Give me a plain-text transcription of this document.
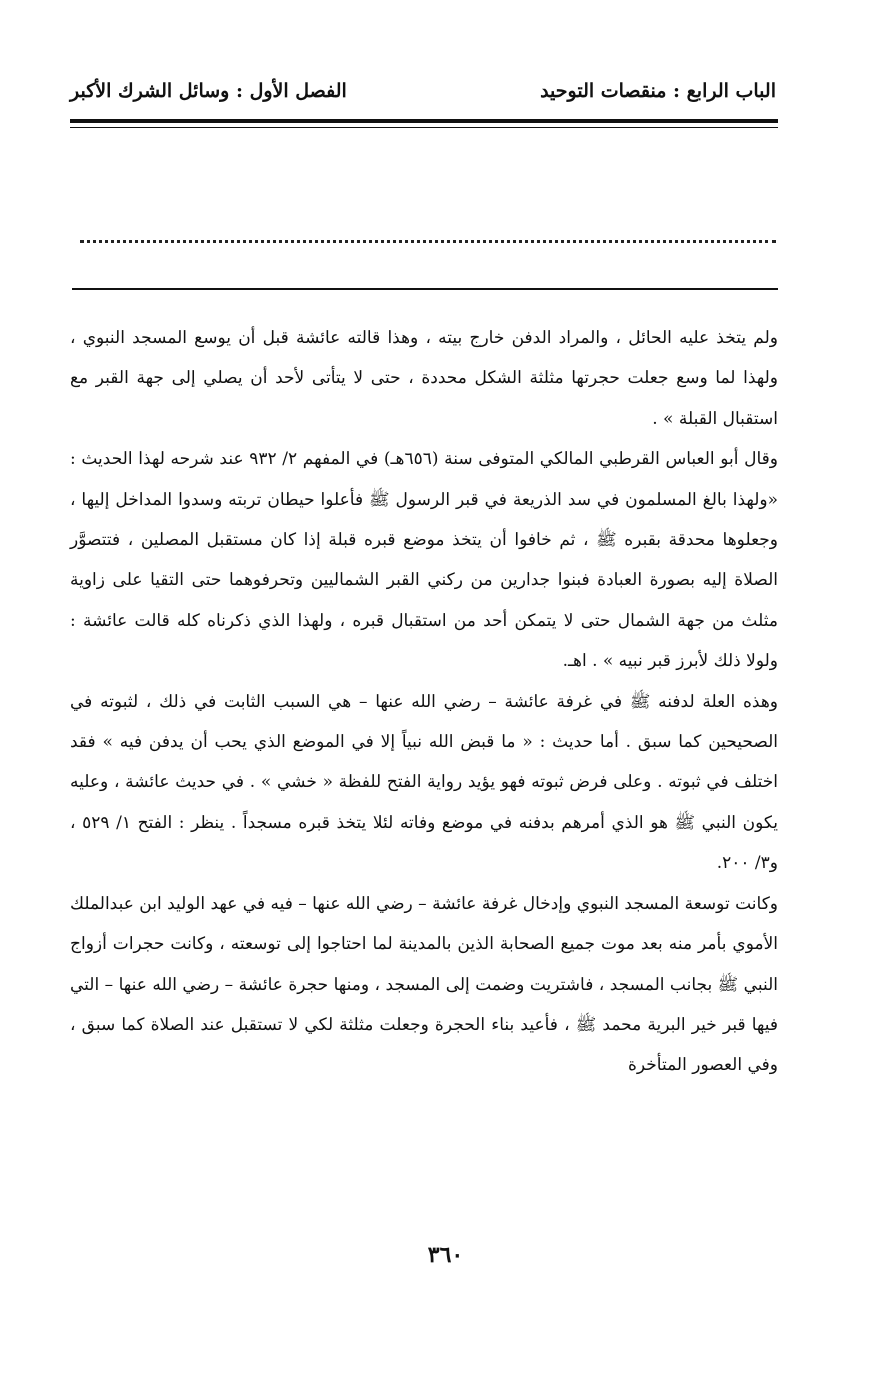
الباب الرابع : منقصات التوحيد
الفصل الأول : وسائل الشرك الأكبر

ولم يتخذ عليه الحائل ، والمراد الدفن خارج بيته ، وهذا قالته عائشة قبل أن يوسع المسجد النبوي ، ولهذا لما وسع جعلت حجرتها مثلثة الشكل محددة ، حتى لا يتأتى لأحد أن يصلي إلى جهة القبر مع استقبال القبلة » .

وقال أبو العباس القرطبي المالكي المتوفى سنة (٦٥٦هـ) في المفهم ٢/ ٩٣٢ عند شرحه لهذا الحديث : «ولهذا بالغ المسلمون في سد الذريعة في قبر الرسول ﷺ فأعلوا حيطان تربته وسدوا المداخل إليها ، وجعلوها محدقة بقبره ﷺ ، ثم خافوا أن يتخذ موضع قبره قبلة إذا كان مستقبل المصلين ، فتتصوَّر الصلاة إليه بصورة العبادة فبنوا جدارين من ركني القبر الشماليين وتحرفوهما حتى التقيا على زاوية مثلث من جهة الشمال حتى لا يتمكن أحد من استقبال قبره ، ولهذا الذي ذكرناه كله قالت عائشة : ولولا ذلك لأبرز قبر نبيه » . اهـ.

وهذه العلة لدفنه ﷺ في غرفة عائشة – رضي الله عنها – هي السبب الثابت في ذلك ، لثبوته في الصحيحين كما سبق . أما حديث : « ما قبض الله نبياً إلا في الموضع الذي يحب أن يدفن فيه » فقد اختلف في ثبوته . وعلى فرض ثبوته فهو يؤيد رواية الفتح للفظة « خشي » . في حديث عائشة ، وعليه يكون النبي ﷺ هو الذي أمرهم بدفنه في موضع وفاته لئلا يتخذ قبره مسجداً . ينظر : الفتح ١/ ٥٢٩ ، و٣/ ٢٠٠.

وكانت توسعة المسجد النبوي وإدخال غرفة عائشة – رضي الله عنها – فيه في عهد الوليد ابن عبدالملك الأموي بأمر منه بعد موت جميع الصحابة الذين بالمدينة لما احتاجوا إلى توسعته ، وكانت حجرات أزواج النبي ﷺ بجانب المسجد ، فاشتريت وضمت إلى المسجد ، ومنها حجرة عائشة – رضي الله عنها – التي فيها قبر خير البرية محمد ﷺ ، فأعيد بناء الحجرة وجعلت مثلثة لكي لا تستقبل عند الصلاة كما سبق ، وفي العصور المتأخرة

٣٦٠
